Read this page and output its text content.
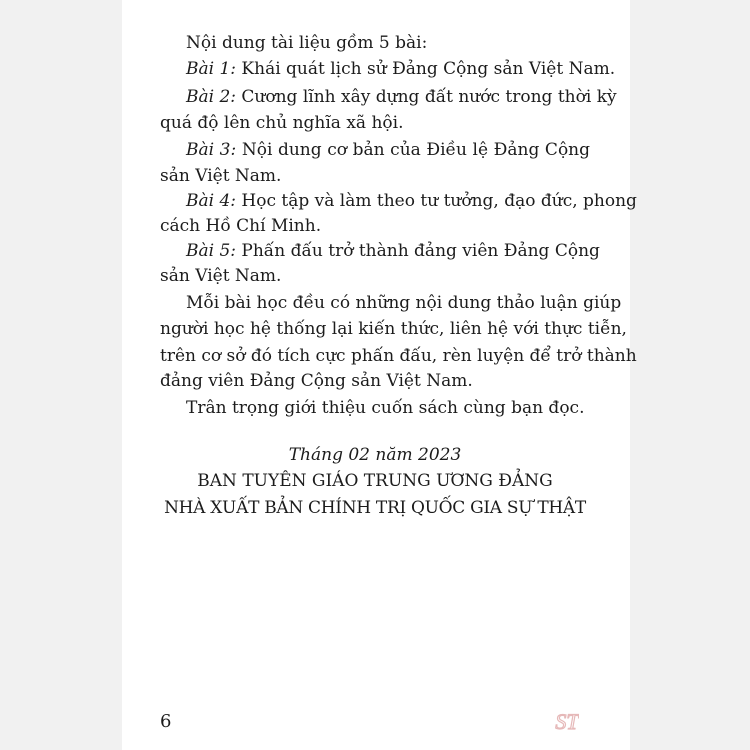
Nội dung tài liệu gồm 5 bài:

Bài 1: Khái quát lịch sử Đảng Cộng sản Việt Nam.

Bài 2: Cương lĩnh xây dựng đất nước trong thời kỳ

quá độ lên chủ nghĩa xã hội.

Bài 3: Nội dung cơ bản của Điều lệ Đảng Cộng

sản Việt Nam.

Bài 4: Học tập và làm theo tư tưởng, đạo đức, phong

cách Hồ Chí Minh.

Bài 5: Phấn đấu trở thành đảng viên Đảng Cộng

sản Việt Nam.

Mỗi bài học đều có những nội dung thảo luận giúp

người học hệ thống lại kiến thức, liên hệ với thực tiễn,

trên cơ sở đó tích cực phấn đấu, rèn luyện để trở thành

đảng viên Đảng Cộng sản Việt Nam.

Trân trọng giới thiệu cuốn sách cùng bạn đọc.

Tháng 02 năm 2023

BAN TUYÊN GIÁO TRUNG ƯƠNG ĐẢNG

NHÀ XUẤT BẢN CHÍNH TRỊ QUỐC GIA SỰ THẬT

6	ST
